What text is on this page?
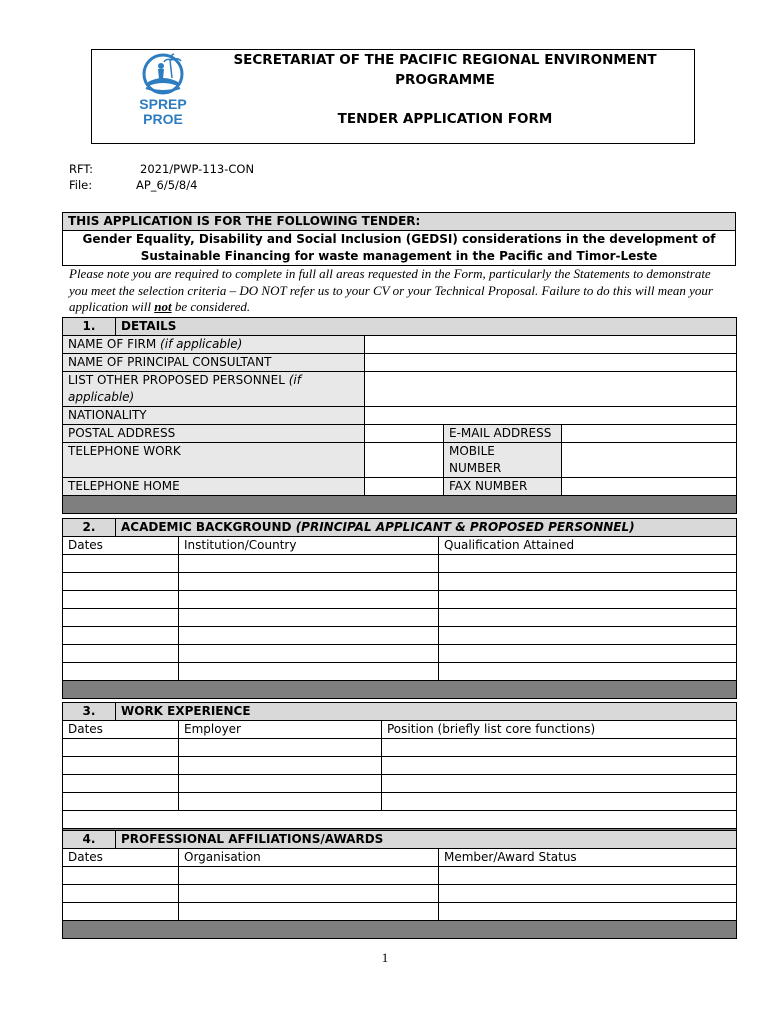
SPREP
PROE
SECRETARIAT OF THE PACIFIC REGIONAL ENVIRONMENT
PROGRAMME
TENDER APPLICATION FORM
RFT:	2021/PWP-113-CON
File:	AP_6/5/8/4
THIS APPLICATION IS FOR THE FOLLOWING TENDER:

Gender Equality, Disability and Social Inclusion (GEDSI) considerations in the development of
Sustainable Financing for waste management in the Pacific and Timor-Leste
Please note you are required to complete in full all areas requested in the Form, particularly the Statements to demonstrate you meet the selection criteria – DO NOT refer us to your CV or your Technical Proposal. Failure to do this will mean your application will not be considered.
1.	DETAILS			
NAME OF FIRM (if applicable)				
NAME OF PRINCIPAL CONSULTANT				
LIST OTHER PROPOSED PERSONNEL (if
applicable)				
NATIONALITY				
POSTAL ADDRESS			E-MAIL ADDRESS	
TELEPHONE WORK			MOBILE
NUMBER	
TELEPHONE HOME			FAX NUMBER	

2.	ACADEMIC BACKGROUND (PRINCIPAL APPLICANT & PROPOSED PERSONNEL)		
Dates		Institution/Country	Qualification Attained

3.	WORK EXPERIENCE		
Dates		Employer	Position (briefly list core functions)

4.	PROFESSIONAL AFFILIATIONS/AWARDS		
Dates		Organisation	Member/Award Status

1
